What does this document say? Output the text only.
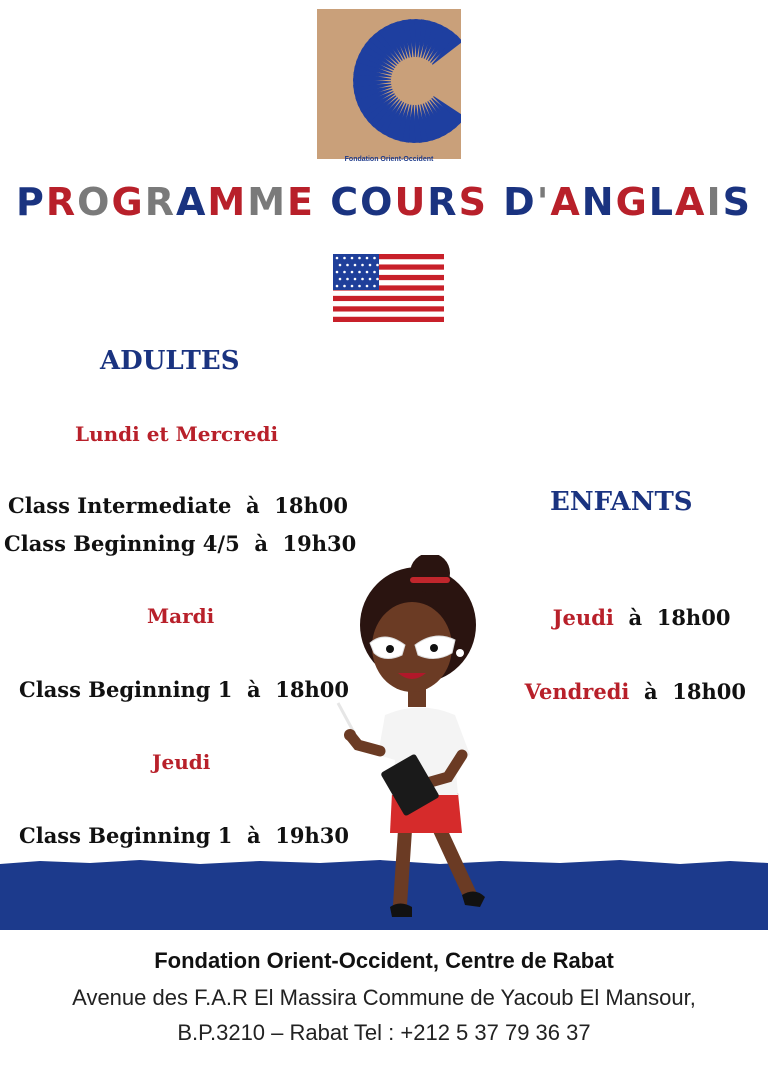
Fondation Orient-Occident
PROGRAMME COURS D'ANGLAIS
ADULTES
Lundi et Mercredi
Class Intermediate  à  18h00
Class Beginning 4/5  à  19h30
Mardi
Class Beginning 1  à  18h00
Jeudi
Class Beginning 1  à  19h30
ENFANTS

Jeudi  à  18h00

Vendredi  à  18h00

Fondation Orient-Occident, Centre de Rabat
Avenue des F.A.R El Massira Commune de Yacoub El Mansour,
B.P.3210 – Rabat Tel : +212 5 37 79 36 37
